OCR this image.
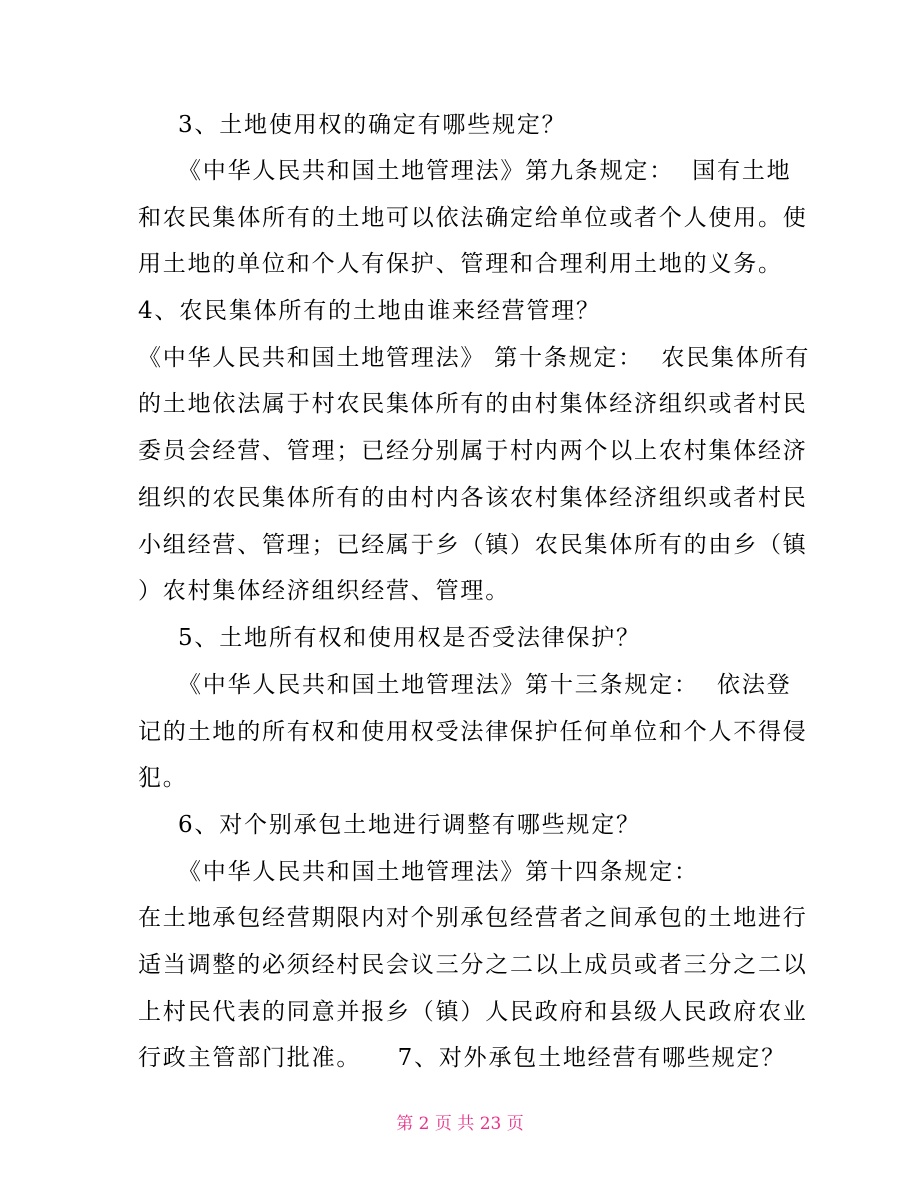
3、土地使用权的确定有哪些规定？
《中华人民共和国土地管理法》第九条规定：  国有土地
和农民集体所有的土地可以依法确定给单位或者个人使用。使
用土地的单位和个人有保护、管理和合理利用土地的义务。
4、农民集体所有的土地由谁来经营管理？
《中华人民共和国土地管理法》 第十条规定：  农民集体所有
的土地依法属于村农民集体所有的由村集体经济组织或者村民
委员会经营、管理；已经分别属于村内两个以上农村集体经济
组织的农民集体所有的由村内各该农村集体经济组织或者村民
小组经营、管理；已经属于乡（镇）农民集体所有的由乡（镇
）农村集体经济组织经营、管理。
5、土地所有权和使用权是否受法律保护？
《中华人民共和国土地管理法》第十三条规定：  依法登
记的土地的所有权和使用权受法律保护任何单位和个人不得侵
犯。
6、对个别承包土地进行调整有哪些规定？
《中华人民共和国土地管理法》第十四条规定：
在土地承包经营期限内对个别承包经营者之间承包的土地进行
适当调整的必须经村民会议三分之二以上成员或者三分之二以
上村民代表的同意并报乡（镇）人民政府和县级人民政府农业
行政主管部门批准。    7、对外承包土地经营有哪些规定？
第 2 页 共 23 页
